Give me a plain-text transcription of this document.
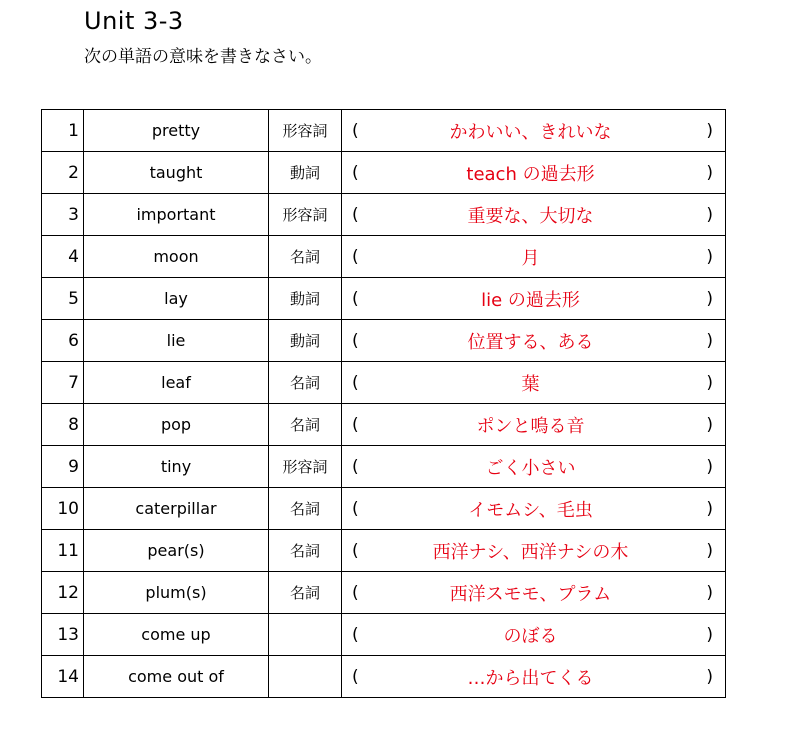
Unit 3-3
次の単語の意味を書きなさい。
1	pretty	形容詞	( かわいい、きれいな )

2	taught	動詞	( teach の過去形 )

3	important	形容詞	( 重要な、大切な )

4	moon	名詞	( 月 )

5	lay	動詞	( lie の過去形 )

6	lie	動詞	( 位置する、ある )

7	leaf	名詞	( 葉 )

8	pop	名詞	( ポンと鳴る音 )

9	tiny	形容詞	( ごく小さい )

10	caterpillar	名詞	( イモムシ、毛虫 )

11	pear(s)	名詞	( 西洋ナシ、西洋ナシの木 )

12	plum(s)	名詞	( 西洋スモモ、プラム )

13	come up		( のぼる )

14	come out of		( …から出てくる )
